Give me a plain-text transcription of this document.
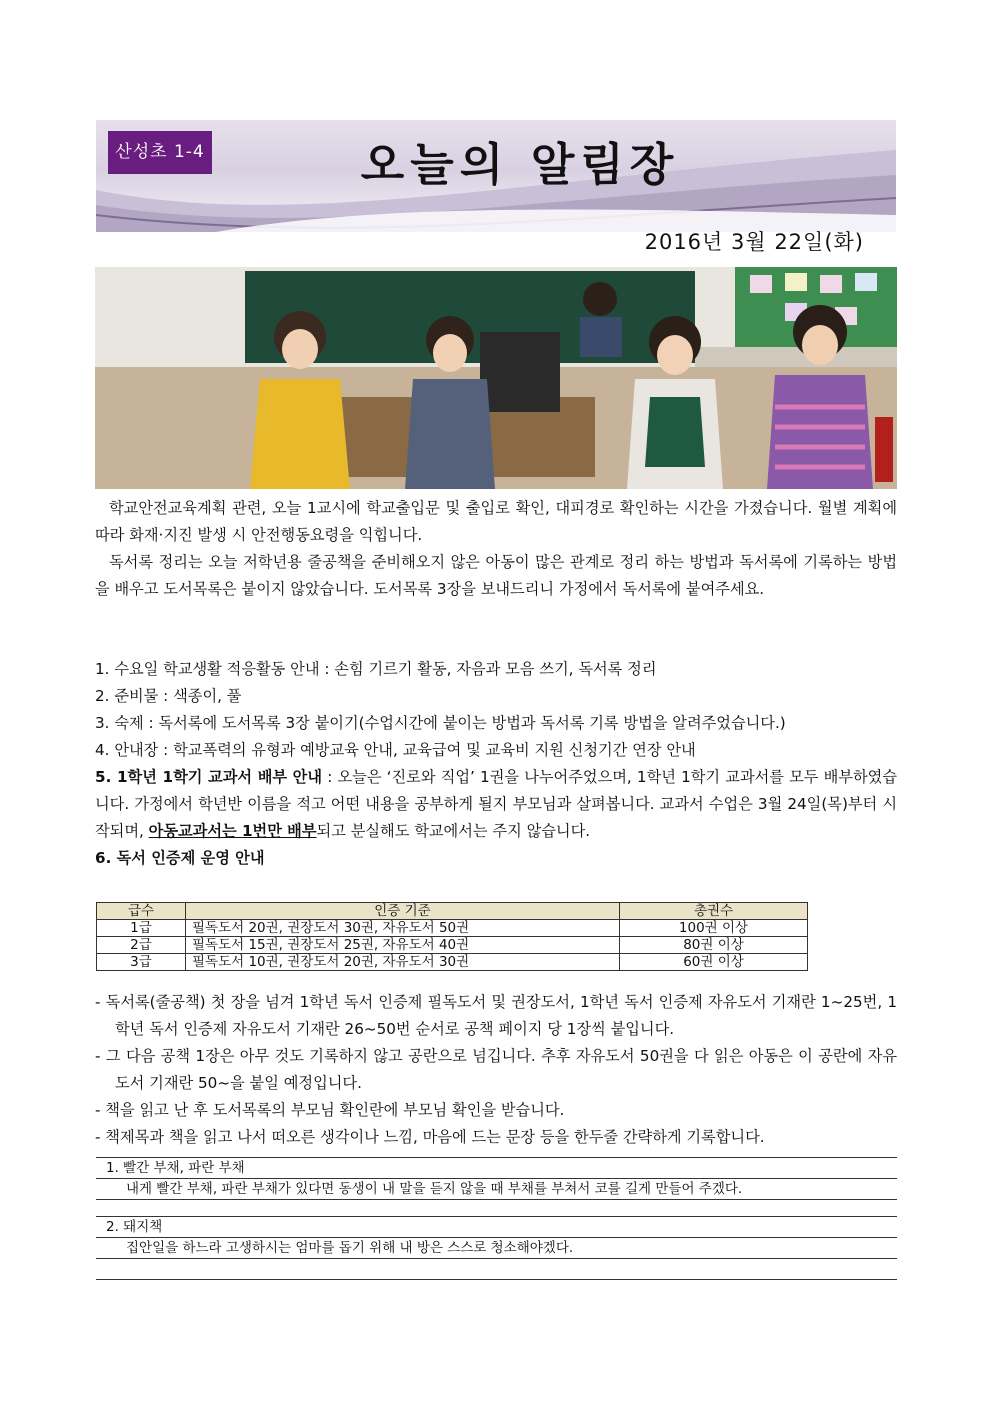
산성초 1-4	오늘의 알림장
2016년 3월 22일(화)

학교안전교육계획 관련, 오늘 1교시에 학교출입문 및 출입로 확인, 대피경로 확인하는 시간을 가졌습니다. 월별 계획에 따라 화재·지진 발생 시 안전행동요령을 익힙니다.

독서록 정리는 오늘 저학년용 줄공책을 준비해오지 않은 아동이 많은 관계로 정리 하는 방법과 독서록에 기록하는 방법을 배우고 도서목록은 붙이지 않았습니다. 도서목록 3장을 보내드리니 가정에서 독서록에 붙여주세요.

1. 수요일 학교생활 적응활동 안내 : 손힘 기르기 활동, 자음과 모음 쓰기, 독서록 정리

2. 준비물 : 색종이, 풀

3. 숙제 : 독서록에 도서목록 3장 붙이기(수업시간에 붙이는 방법과 독서록 기록 방법을 알려주었습니다.)

4. 안내장 : 학교폭력의 유형과 예방교육 안내, 교육급여 및 교육비 지원 신청기간 연장 안내

5. 1학년 1학기 교과서 배부 안내 : 오늘은 ‘진로와 직업’ 1권을 나누어주었으며, 1학년 1학기 교과서를 모두 배부하였습니다. 가정에서 학년반 이름을 적고 어떤 내용을 공부하게 될지 부모님과 살펴봅니다. 교과서 수업은 3월 24일(목)부터 시작되며, 아동교과서는 1번만 배부되고 분실해도 학교에서는 주지 않습니다.

6. 독서 인증제 운영 안내

급수	인증 기준	총권수
1급	필독도서 20권, 권장도서 30권, 자유도서 50권	100권 이상
2급	필독도서 15권, 권장도서 25권, 자유도서 40권	80권 이상
3급	필독도서 10권, 권장도서 20권, 자유도서 30권	60권 이상

- 독서록(줄공책) 첫 장을 넘겨 1학년 독서 인증제 필독도서 및 권장도서, 1학년 독서 인증제 자유도서 기재란 1~25번, 1학년 독서 인증제 자유도서 기재란 26~50번 순서로 공책 페이지 당 1장씩 붙입니다.

- 그 다음 공책 1장은 아무 것도 기록하지 않고 공란으로 넘깁니다. 추후 자유도서 50권을 다 읽은 아동은 이 공란에 자유도서 기재란 50~을 붙일 예정입니다.

- 책을 읽고 난 후 도서목록의 부모님 확인란에 부모님 확인을 받습니다.

- 책제목과 책을 읽고 나서 떠오른 생각이나 느낌, 마음에 드는 문장 등을 한두줄 간략하게 기록합니다.

1. 빨간 부채, 파란 부채
내게 빨간 부채, 파란 부채가 있다면 동생이 내 말을 듣지 않을 때 부채를 부쳐서 코를 길게 만들어 주겠다.
2. 돼지책
집안일을 하느라 고생하시는 엄마를 돕기 위해 내 방은 스스로 청소해야겠다.
